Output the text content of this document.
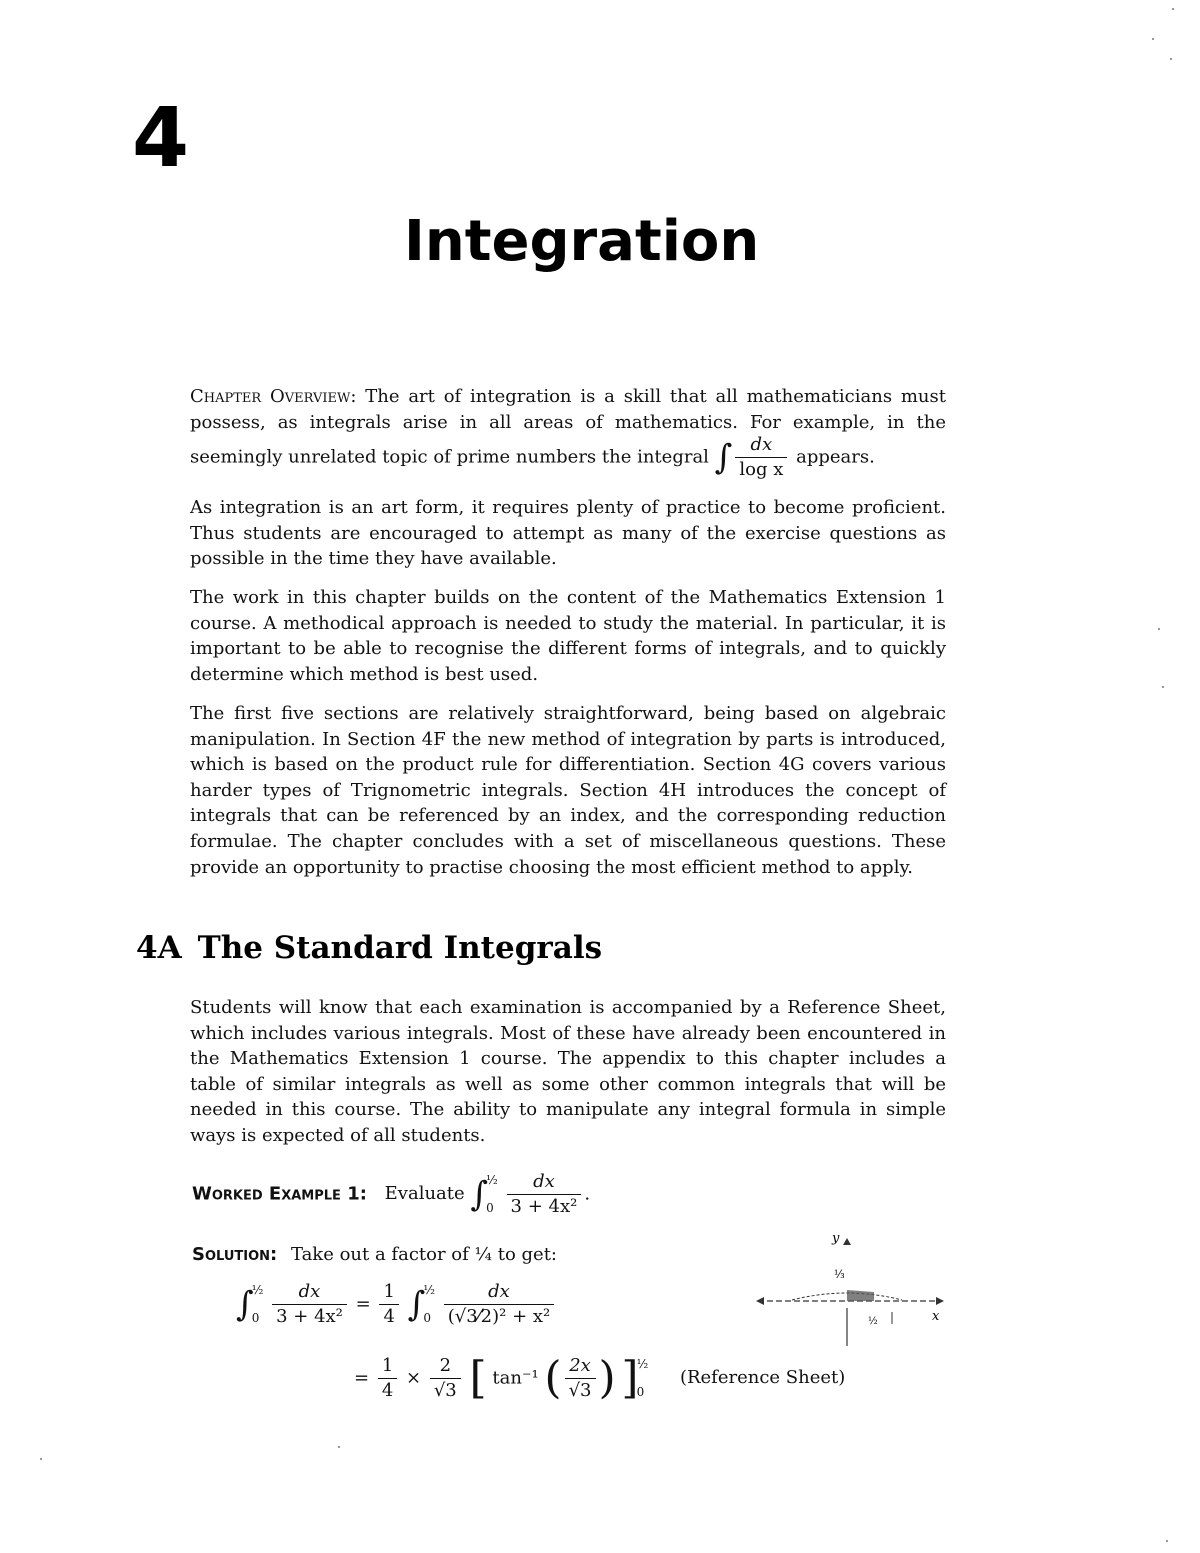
4
Integration

Chapter Overview: The art of integration is a skill that all mathematicians must possess, as integrals arise in all areas of mathematics. For example, in the seemingly unrelated topic of prime numbers the integral ∫ $\frac{dx}{\text{log x}}$ appears.

As integration is an art form, it requires plenty of practice to become proficient. Thus students are encouraged to attempt as many of the exercise questions as possible in the time they have available.

The work in this chapter builds on the content of the Mathematics Extension 1 course. A methodical approach is needed to study the material. In particular, it is important to be able to recognise the different forms of integrals, and to quickly determine which method is best used.

The first five sections are relatively straightforward, being based on algebraic manipulation. In Section 4F the new method of integration by parts is introduced, which is based on the product rule for differentiation. Section 4G covers various harder types of Trignometric integrals. Section 4H introduces the concept of integrals that can be referenced by an index, and the corresponding reduction formulae. The chapter concludes with a set of miscellaneous questions. These provide an opportunity to practise choosing the most efficient method to apply.

4A The Standard Integrals

Students will know that each examination is accompanied by a Reference Sheet, which includes various integrals. Most of these have already been encountered in the Mathematics Extension 1 course. The appendix to this chapter includes a table of similar integrals as well as some other common integrals that will be needed in this course. The ability to manipulate any integral formula in simple ways is expected of all students.

Worked Example 1: Evaluate ∫
½
0
$\frac{dx}{\text{3 + 4x²}}$ .
Solution: Take out a factor of ¼ to get:
∫
½
0
$\frac{dx}{\text{3 + 4x²}} = \frac{1}{4}$ ∫
½
0
$\frac{dx}{\text{(√3⁄2)² + x²}}$
= $\frac{1}{4} \times \frac{2}{√3}$ [ tan⁻¹ ( $\frac{2x}{√3}$ ) ]
½
0
(Reference Sheet)
y
⅓
½	x
